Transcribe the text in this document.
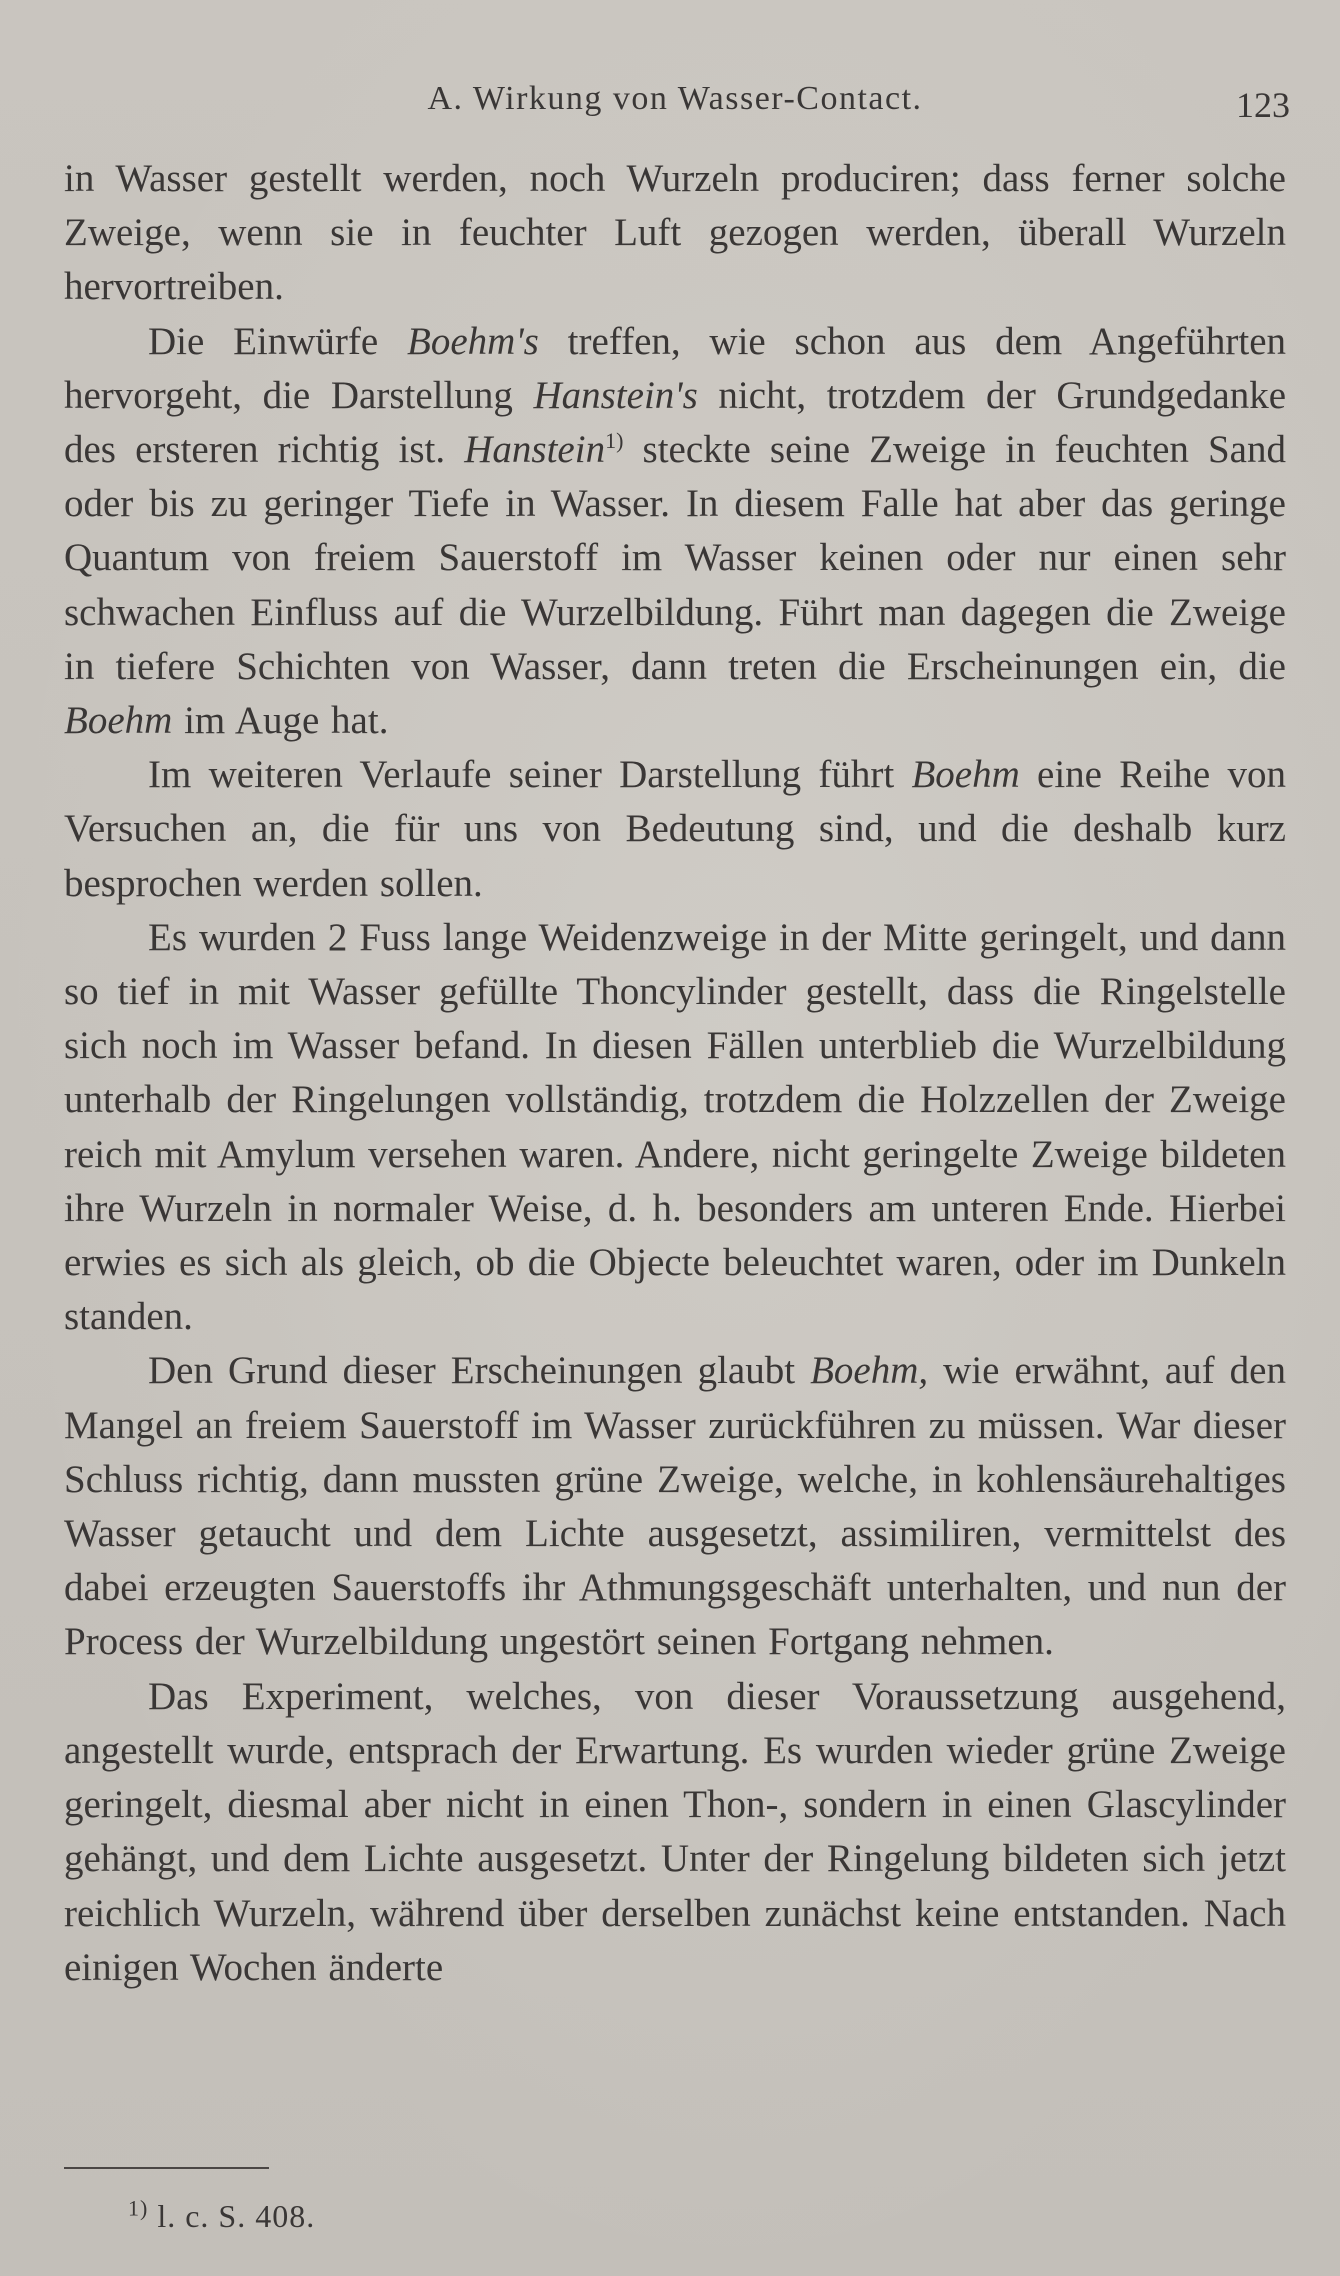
A. Wirkung von Wasser-Contact.	123

in Wasser gestellt werden, noch Wurzeln produciren; dass ferner solche Zweige, wenn sie in feuchter Luft gezogen werden, überall Wurzeln hervortreiben.

Die Einwürfe Boehm's treffen, wie schon aus dem Angeführten hervorgeht, die Darstellung Hanstein's nicht, trotzdem der Grundgedanke des ersteren richtig ist. Hanstein$^{1)}$ steckte seine Zweige in feuchten Sand oder bis zu geringer Tiefe in Wasser. In diesem Falle hat aber das geringe Quantum von freiem Sauerstoff im Wasser keinen oder nur einen sehr schwachen Einfluss auf die Wurzelbildung. Führt man dagegen die Zweige in tiefere Schichten von Wasser, dann treten die Erscheinungen ein, die Boehm im Auge hat.

Im weiteren Verlaufe seiner Darstellung führt Boehm eine Reihe von Versuchen an, die für uns von Bedeutung sind, und die deshalb kurz besprochen werden sollen.

Es wurden 2 Fuss lange Weidenzweige in der Mitte geringelt, und dann so tief in mit Wasser gefüllte Thoncylinder gestellt, dass die Ringelstelle sich noch im Wasser befand. In diesen Fällen unterblieb die Wurzelbildung unterhalb der Ringelungen vollständig, trotzdem die Holzzellen der Zweige reich mit Amylum versehen waren. Andere, nicht geringelte Zweige bildeten ihre Wurzeln in normaler Weise, d. h. besonders am unteren Ende. Hierbei erwies es sich als gleich, ob die Objecte beleuchtet waren, oder im Dunkeln standen.

Den Grund dieser Erscheinungen glaubt Boehm, wie erwähnt, auf den Mangel an freiem Sauerstoff im Wasser zurückführen zu müssen. War dieser Schluss richtig, dann mussten grüne Zweige, welche, in kohlensäurehaltiges Wasser getaucht und dem Lichte ausgesetzt, assimiliren, vermittelst des dabei erzeugten Sauerstoffs ihr Athmungsgeschäft unterhalten, und nun der Process der Wurzelbildung ungestört seinen Fortgang nehmen.

Das Experiment, welches, von dieser Voraussetzung ausgehend, angestellt wurde, entsprach der Erwartung. Es wurden wieder grüne Zweige geringelt, diesmal aber nicht in einen Thon-, sondern in einen Glascylinder gehängt, und dem Lichte ausgesetzt. Unter der Ringelung bildeten sich jetzt reichlich Wurzeln, während über derselben zunächst keine entstanden. Nach einigen Wochen änderte

$^{1)}$ l. c. S. 408.
